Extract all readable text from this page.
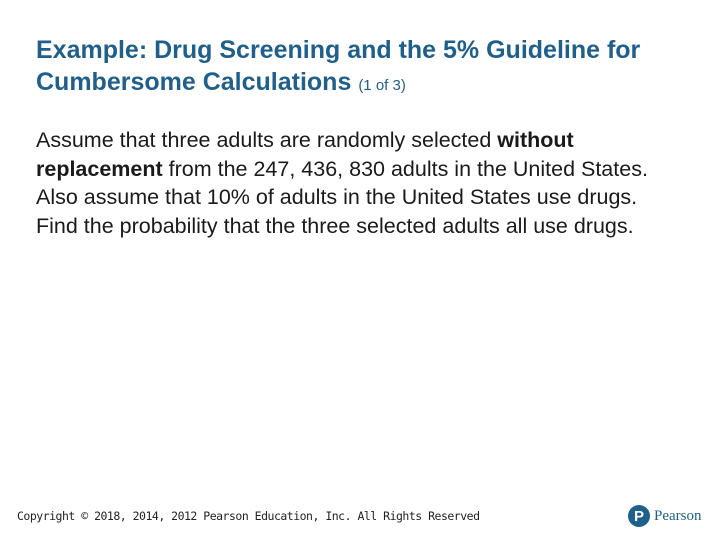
Example: Drug Screening and the 5% Guideline for Cumbersome Calculations (1 of 3)
Assume that three adults are randomly selected without replacement from the 247, 436, 830 adults in the United States. Also assume that 10% of adults in the United States use drugs. Find the probability that the three selected adults all use drugs.
Copyright © 2018, 2014, 2012 Pearson Education, Inc. All Rights Reserved	P Pearson
